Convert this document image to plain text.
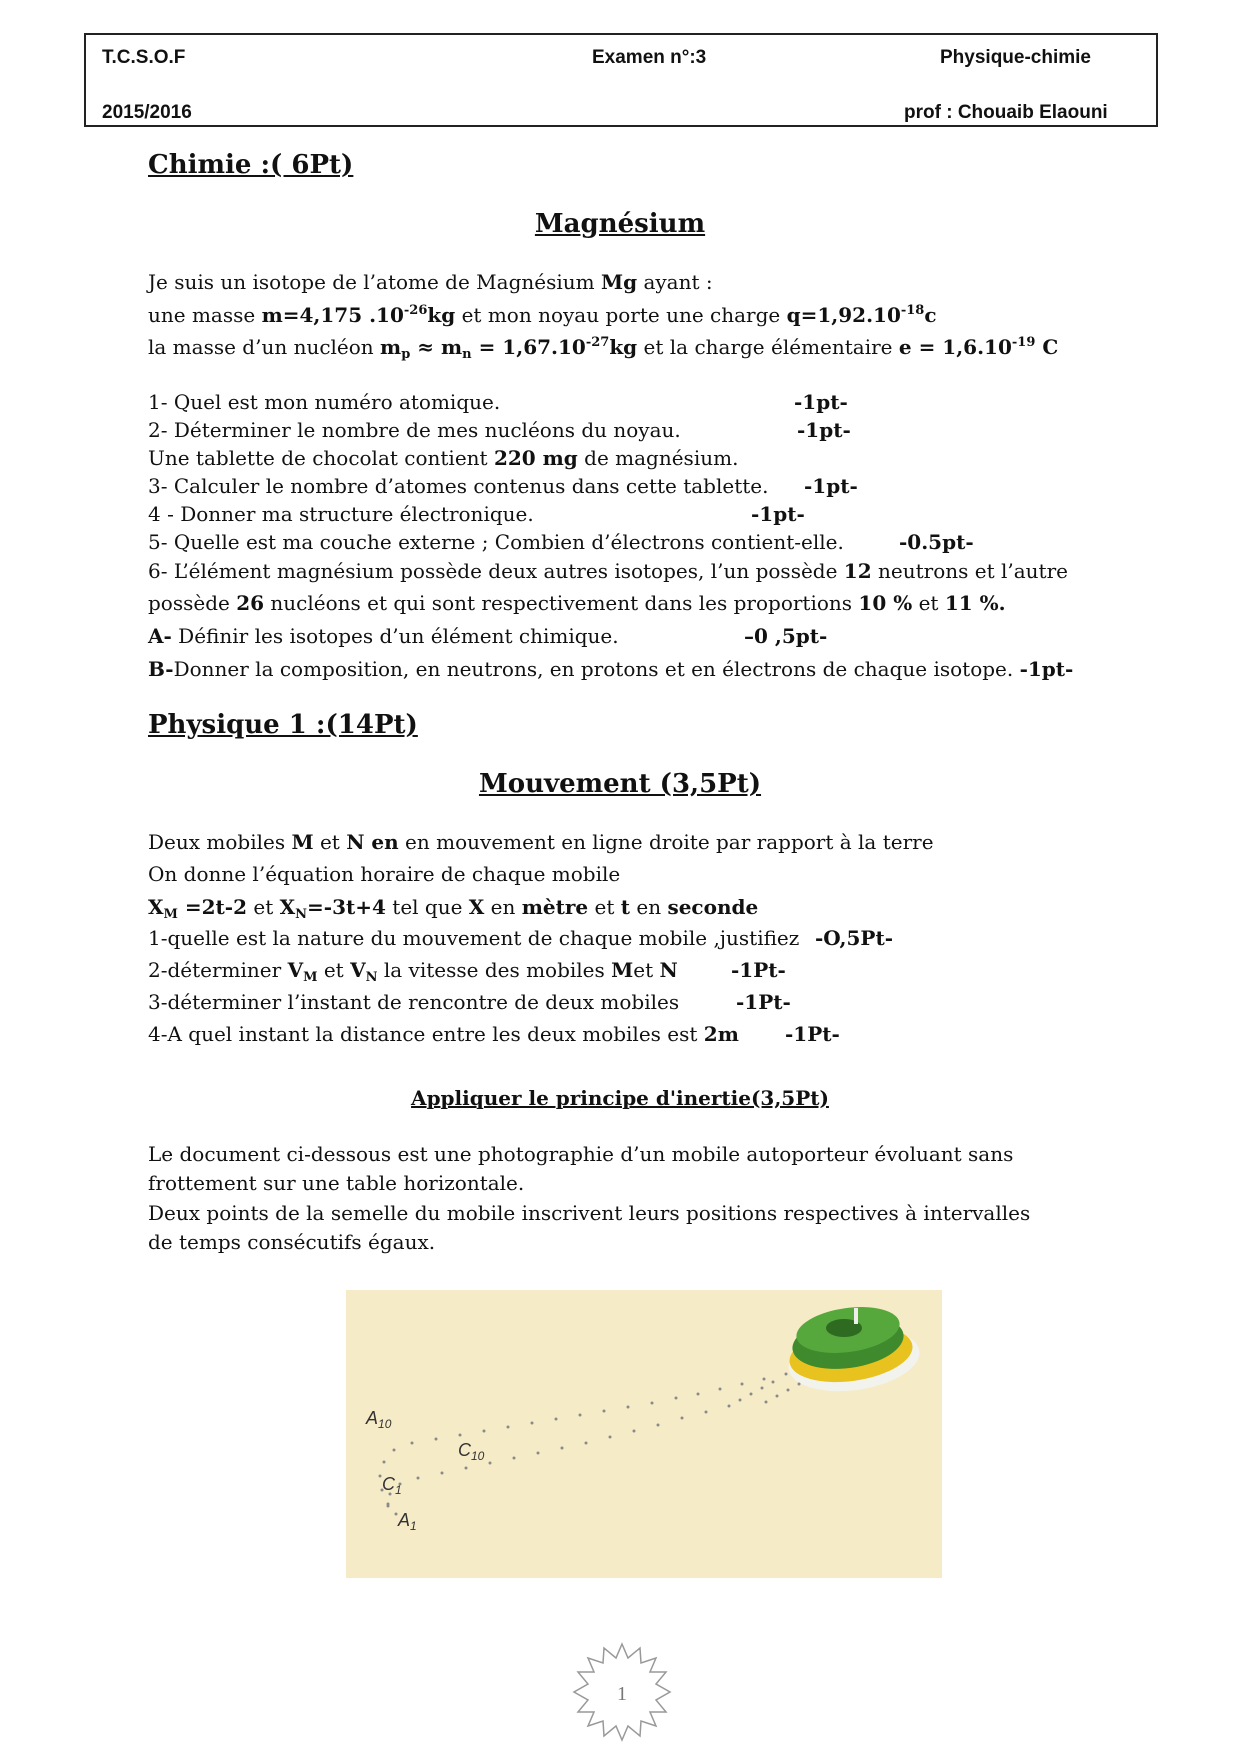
T.C.S.O.F	Examen n°:3	Physique-chimie
2015/2016	prof : Chouaib Elaouni
Chimie :( 6Pt)
Magnésium
Je suis un isotope de l’atome de Magnésium Mg ayant :
une masse m=4,175 $.10^{-26}kg$ et mon noyau porte une charge $q=1,92.10^{-18}c$
la masse d’un nucléon $m_p \approx m_n = 1,67.10^{-27}kg$ et la charge élémentaire $e = 1,6.10^{-19}$ C
1- Quel est mon numéro atomique.	-1pt-
2- Déterminer le nombre de mes nucléons du noyau.	-1pt-
Une tablette de chocolat contient 220 mg de magnésium.
3- Calculer le nombre d’atomes contenus dans cette tablette. -1pt-
4 - Donner ma structure électronique.	-1pt-
5- Quelle est ma couche externe ; Combien d’électrons contient-elle.	-0.5pt-
6- L’élément magnésium possède deux autres isotopes, l’un possède 12 neutrons et l’autre
possède 26 nucléons et qui sont respectivement dans les proportions 10 % et 11 %.
A- Définir les isotopes d’un élément chimique.	–0 ,5pt-
B-Donner la composition, en neutrons, en protons et en électrons de chaque isotope. -1pt-
Physique 1 :(14Pt)
Mouvement (3,5Pt)
Deux mobiles M et N en en mouvement en ligne droite par rapport à la terre
On donne l’équation horaire de chaque mobile
$X_M =2t-2$ et $X_N=-3t+4$ tel que X en mètre et t en seconde
1-quelle est la nature du mouvement de chaque mobile ,justifiez -O,5Pt-
2-déterminer $V_M$ et $V_N$ la vitesse des mobiles Met N	-1Pt-
3-déterminer l’instant de rencontre de deux mobiles	-1Pt-
4-A quel instant la distance entre les deux mobiles est 2m -1Pt-
Appliquer le principe d'inertie(3,5Pt)
Le document ci-dessous est une photographie d’un mobile autoporteur évoluant sans
frottement sur une table horizontale.
Deux points de la semelle du mobile inscrivent leurs positions respectives à intervalles
de temps consécutifs égaux.
$A_{10}$
$C_{10}$
$C_1$
$A_1$
1
